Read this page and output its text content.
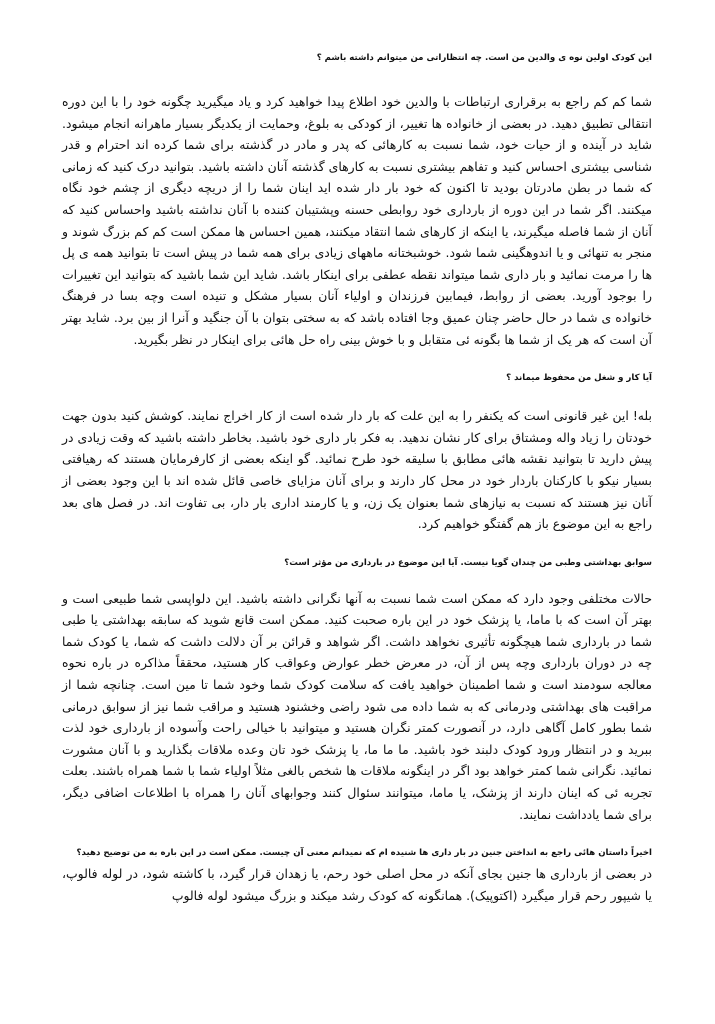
این کودک اولین نوه ی والدین من است. چه انتظاراتی من میتوانم داشته باشم ؟
شما کم کم راجع به برقراری ارتباطات با والدین خود اطلاع پیدا خواهید کرد و یاد میگیرید چگونه خود را با این دوره انتقالی تطبیق دهید. در بعضی از خانواده ها تغییر، از کودکی به بلوغ، وحمایت از یکدیگر بسیار ماهرانه انجام میشود. شاید در آینده و از حیات خود، شما نسبت به کارهائی که پدر و مادر در گذشته برای شما کرده اند احترام و قدر شناسی بیشتری احساس کنید و تفاهم بیشتری نسبت به کارهای گذشته آنان داشته باشید. بتوانید درک کنید که زمانی که شما در بطن مادرتان بودید تا اکنون که خود بار دار شده اید اینان شما را از دریچه دیگری از چشم خود نگاه میکنند. اگر شما در این دوره از بارداری خود روابطی حسنه وپشتیبان کننده با آنان نداشته باشید واحساس کنید که آنان از شما فاصله میگیرند، یا اینکه از کارهای شما انتقاد میکنند، همین احساس ها ممکن است کم کم بزرگ شوند و منجر به تنهائی و یا اندوهگینی شما شود. خوشبختانه ماههای زیادی برای همه شما در پیش است تا بتوانید همه ی پل ها را مرمت نمائید و بار داری شما میتواند نقطه عطفی برای اینکار باشد. شاید این شما باشید که بتوانید این تغییرات را بوجود آورید. بعضی از روابط، فیمابین فرزندان و اولیاء آنان بسیار مشکل و تنیده است وچه بسا در فرهنگ خانواده ی شما در حال حاضر چنان عمیق وجا افتاده باشد که به سختی بتوان با آن جنگید و آنرا از بین برد. شاید بهتر آن است که هر یک از شما ها بگونه ئی متقابل و با خوش بینی راه حل هائی برای اینکار در نظر بگیرید.
آیا کار و شغل من محفوظ میماند ؟
بله! این غیر قانونی است که یکنفر را به این علت که بار دار شده است از کار اخراج نمایند. کوشش کنید بدون جهت خودتان را زیاد واله ومشتاق برای کار نشان ندهید. به فکر بار داری خود باشید. بخاطر داشته باشید که وقت زیادی در پیش دارید تا بتوانید نقشه هائی مطابق با سلیقه خود طرح نمائید. گو اینکه بعضی از کارفرمایان هستند که رهیافتی بسیار نیکو با کارکنان باردار خود در محل کار دارند و برای آنان مزایای خاصی قائل شده اند با این وجود بعضی از آنان نیز هستند که نسبت به نیازهای شما بعنوان یک زن، و یا کارمند اداری بار دار، بی تفاوت اند. در فصل های بعد راجع به این موضوع باز هم گفتگو خواهیم کرد.
سوابق بهداشتی وطبی من چندان گویا نیست. آیا این موضوع در بارداری من مؤثر است؟
حالات مختلفی وجود دارد که ممکن است شما نسبت به آنها نگرانی داشته باشید. این دلواپسی شما طبیعی است و بهتر آن است که با ماما، یا پزشک خود در این باره صحبت کنید. ممکن است قانع شوید که سابقه بهداشتی یا طبی شما در بارداری شما هیچگونه تأثیری نخواهد داشت. اگر شواهد و قرائن بر آن دلالت داشت که شما، یا کودک شما چه در دوران بارداری وچه پس از آن، در معرض خطر عوارض وعواقب کار هستید، محققاً مذاکره در باره نحوه معالجه سودمند است و شما اطمینان خواهید یافت که سلامت کودک شما وخود شما تا مین است. چنانچه شما از مراقبت های بهداشتی ودرمانی که به شما داده می شود راضی وخشنود هستید و مراقب شما نیز از سوابق درمانی شما بطور کامل آگاهی دارد، در آنصورت کمتر نگران هستید و میتوانید با خیالی راحت وآسوده از بارداری خود لذت ببرید و در انتظار ورود کودک دلبند خود باشید. ما ما ما، یا پزشک خود تان وعده ملاقات بگذارید و با آنان مشورت نمائید. نگرانی شما کمتر خواهد بود اگر در اینگونه ملاقات ها شخص بالغی مثلاً اولیاء شما با شما همراه باشند. بعلت تجربه ئی که اینان دارند از پزشک، یا ماما، میتوانند سئوال کنند وجوابهای آنان را همراه با اطلاعات اضافی دیگر، برای شما یادداشت نمایند.
اخیراً داستان هائی راجع به انداختن جنین در بار داری ها شنیده ام که نمیدانم معنی آن چیست. ممکن است در این باره به من توضیح دهید؟
در بعضی از بارداری ها جنین بجای آنکه در محل اصلی خود رحم، یا زهدان قرار گیرد، با کاشته شود، در لوله فالوپ، یا شیپور رحم قرار میگیرد (اکتوپیک). همانگونه که کودک رشد میکند و بزرگ میشود لوله فالوپ
